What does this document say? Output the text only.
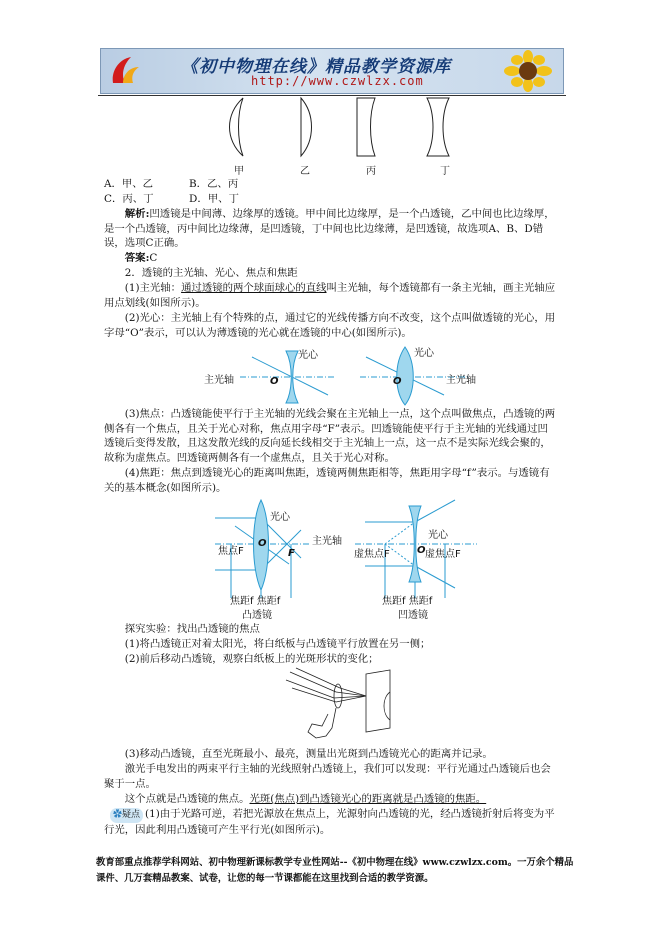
《初中物理在线》精品教学资源库
http://www.czwlzx.com
甲	乙	丙	丁
A．甲、乙	B．乙、丙
C．丙、丁	D．甲、丁
解析:凹透镜是中间薄、边缘厚的透镜。甲中间比边缘厚，是一个凸透镜，乙中间也比边缘厚，是一个凸透镜，丙中间比边缘薄，是凹透镜，丁中间也比边缘薄，是凹透镜，故选项A、B、D错误，选项C正确。
答案:C
2．透镜的主光轴、光心、焦点和焦距
(1)主光轴：通过透镜的两个球面球心的直线叫主光轴，每个透镜都有一条主光轴，画主光轴应用点划线(如图所示)。
(2)光心：主光轴上有个特殊的点，通过它的光线传播方向不改变，这个点叫做透镜的光心，用字母“O”表示，可以认为薄透镜的光心就在透镜的中心(如图所示)。
主光轴
光心
O
光心
O	主光轴
(3)焦点：凸透镜能使平行于主光轴的光线会聚在主光轴上一点，这个点叫做焦点，凸透镜的两侧各有一个焦点，且关于光心对称，焦点用字母“F”表示。凹透镜能使平行于主光轴的光线通过凹透镜后变得发散，且这发散光线的反向延长线相交于主光轴上一点，这一点不是实际光线会聚的，故称为虚焦点。凹透镜两侧各有一个虚焦点，且关于光心对称。
(4)焦距：焦点到透镜光心的距离叫焦距，透镜两侧焦距相等，焦距用字母“f”表示。与透镜有关的基本概念(如图所示)。
光心
主光轴
焦点F
O
F
焦距f 焦距f
凸透镜
光心
虚焦点F	O 虚焦点F
焦距f 焦距f
凹透镜
探究实验：找出凸透镜的焦点
(1)将凸透镜正对着太阳光，将白纸板与凸透镜平行放置在另一侧；
(2)前后移动凸透镜，观察白纸板上的光斑形状的变化；
(3)移动凸透镜，直至光斑最小、最亮，测量出光斑到凸透镜光心的距离并记录。
激光手电发出的两束平行主轴的光线照射凸透镜上，我们可以发现：平行光通过凸透镜后也会聚于一点。
这个点就是凸透镜的焦点。光斑(焦点)到凸透镜光心的距离就是凸透镜的焦距。
✿疑点 (1)由于光路可逆，若把光源放在焦点上，光源射向凸透镜的光，经凸透镜折射后将变为平行光，因此利用凸透镜可产生平行光(如图所示)。
教育部重点推荐学科网站、初中物理新课标教学专业性网站--《初中物理在线》www.czwlzx.com。一万余个精品课件、几万套精品教案、试卷，让您的每一节课都能在这里找到合适的教学资源。
